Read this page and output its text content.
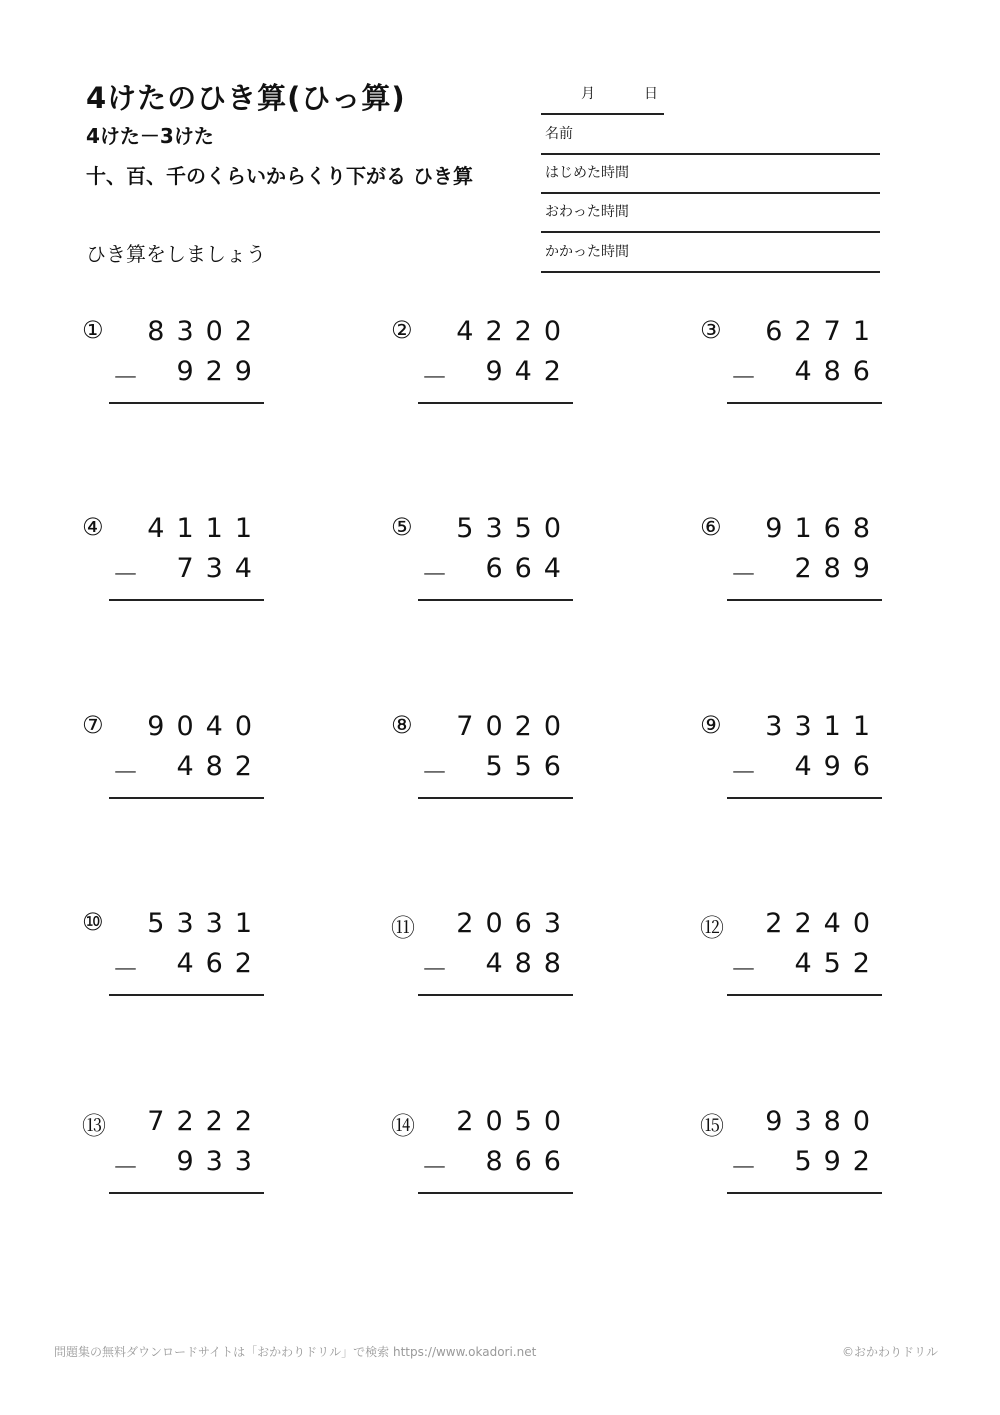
4けたのひき算(ひっ算)
4けた－3けた
十、百、千のくらいからくり下がる ひき算
ひき算をしましょう
月	日
名前
はじめた時間
おわった時間
かかった時間
① 8302
－ 929
② 4220
－ 942
③ 6271
－ 486
④ 4111
－ 734
⑤ 5350
－ 664
⑥ 9168
－ 289
⑦ 9040
－ 482
⑧ 7020
－ 556
⑨ 3311
－ 496
⑩ 5331
－ 462
⑪ 2063
－ 488
⑫ 2240
－ 452
⑬ 7222
－ 933
⑭ 2050
－ 866
⑮ 9380
－ 592
問題集の無料ダウンロードサイトは「おかわりドリル」で検索 https://www.okadori.net	©おかわりドリル
